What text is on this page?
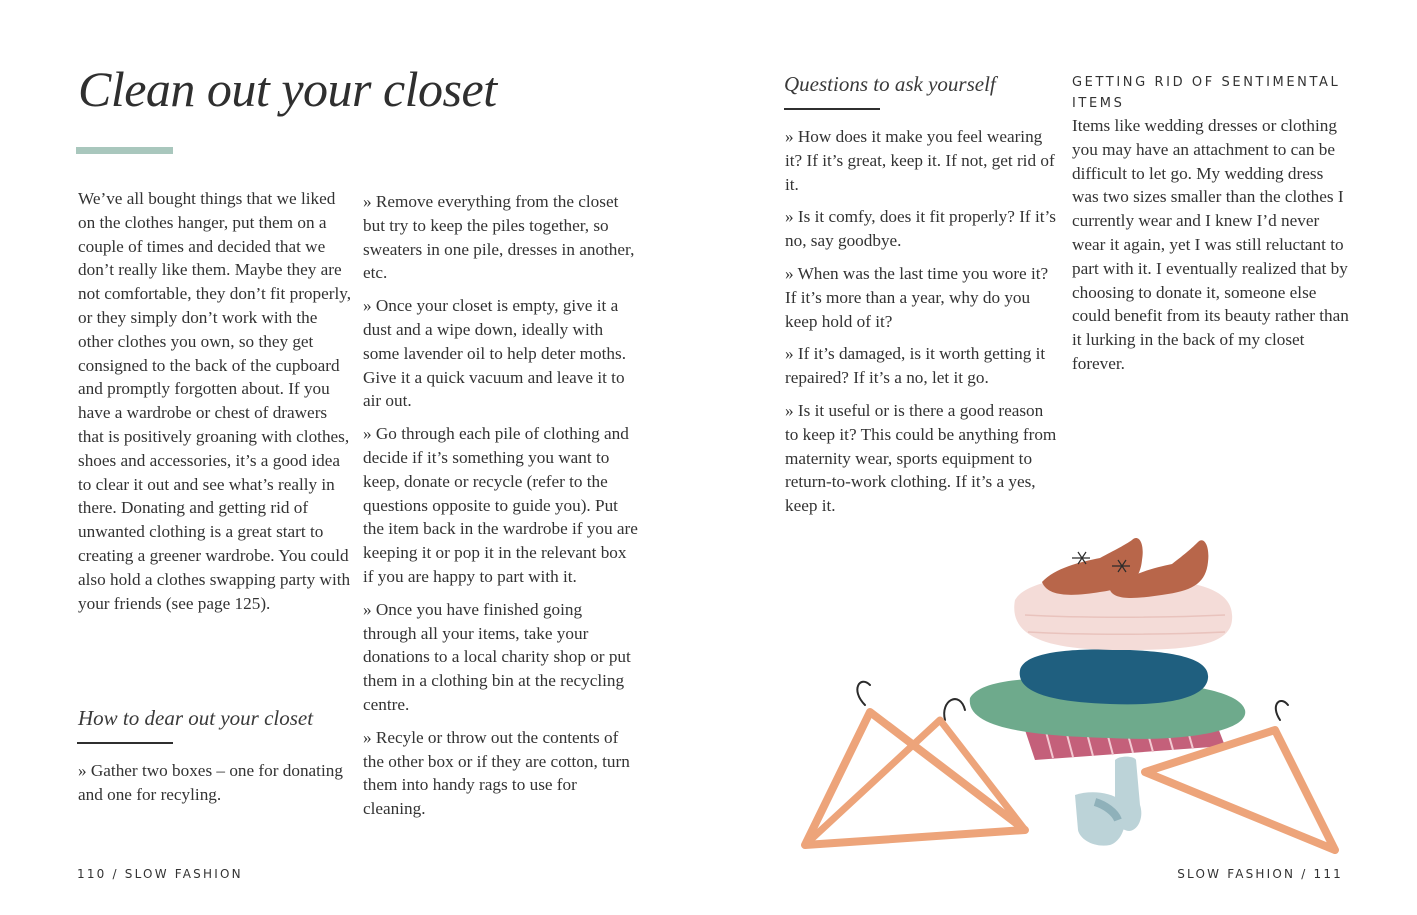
Clean out your closet

We’ve all bought things that we liked on the clothes hanger, put them on a couple of times and decided that we don’t really like them. Maybe they are not comfortable, they don’t fit properly, or they simply don’t work with the other clothes you own, so they get consigned to the back of the cupboard and promptly forgotten about. If you have a wardrobe or chest of drawers that is positively groaning with clothes, shoes and accessories, it’s a good idea to clear it out and see what’s really in there. Donating and getting rid of unwanted clothing is a great start to creating a greener wardrobe. You could also hold a clothes swapping party with your friends (see page 125).

How to dear out your closet

» Gather two boxes – one for donating and one for recyling.

» Remove everything from the closet but try to keep the piles together, so sweaters in one pile, dresses in another, etc.

» Once your closet is empty, give it a dust and a wipe down, ideally with some lavender oil to help deter moths. Give it a quick vacuum and leave it to air out.

» Go through each pile of clothing and decide if it’s something you want to keep, donate or recycle (refer to the questions opposite to guide you). Put the item back in the wardrobe if you are keeping it or pop it in the relevant box if you are happy to part with it.

» Once you have finished going through all your items, take your donations to a local charity shop or put them in a clothing bin at the recycling centre.

» Recyle or throw out the contents of the other box or if they are cotton, turn them into handy rags to use for cleaning.

Questions to ask yourself

» How does it make you feel wearing it? If it’s great, keep it. If not, get rid of it.

» Is it comfy, does it fit properly? If it’s no, say goodbye.

» When was the last time you wore it? If it’s more than a year, why do you keep hold of it?

» If it’s damaged, is it worth getting it repaired? If it’s a no, let it go.

» Is it useful or is there a good reason to keep it? This could be anything from maternity wear, sports equipment to return-to-work clothing. If it’s a yes, keep it.

GETTING RID OF SENTIMENTAL ITEMS

Items like wedding dresses or clothing you may have an attachment to can be difficult to let go. My wedding dress was two sizes smaller than the clothes I currently wear and I knew I’d never wear it again, yet I was still reluctant to part with it. I eventually realized that by choosing to donate it, someone else could benefit from its beauty rather than it lurking in the back of my closet forever.

110 / SLOW FASHION	SLOW FASHION / 111
